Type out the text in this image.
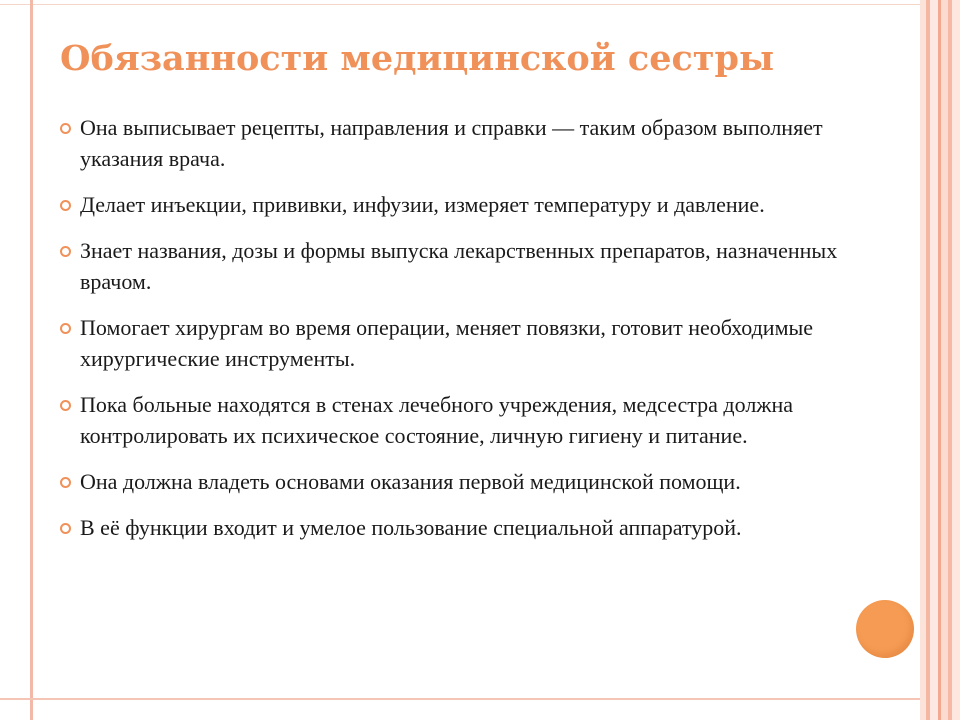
Обязанности медицинской сестры
Она выписывает рецепты, направления и справки — таким образом выполняет указания врача.
Делает инъекции, прививки, инфузии, измеряет температуру и давление.
Знает названия, дозы и формы выпуска лекарственных препаратов, назначенных врачом.
Помогает хирургам во время операции, меняет повязки, готовит необходимые хирургические инструменты.
Пока больные находятся в стенах лечебного учреждения, медсестра должна контролировать их психическое состояние, личную гигиену и питание.
Она должна владеть основами оказания первой медицинской помощи.
В её функции входит и умелое пользование специальной аппаратурой.
